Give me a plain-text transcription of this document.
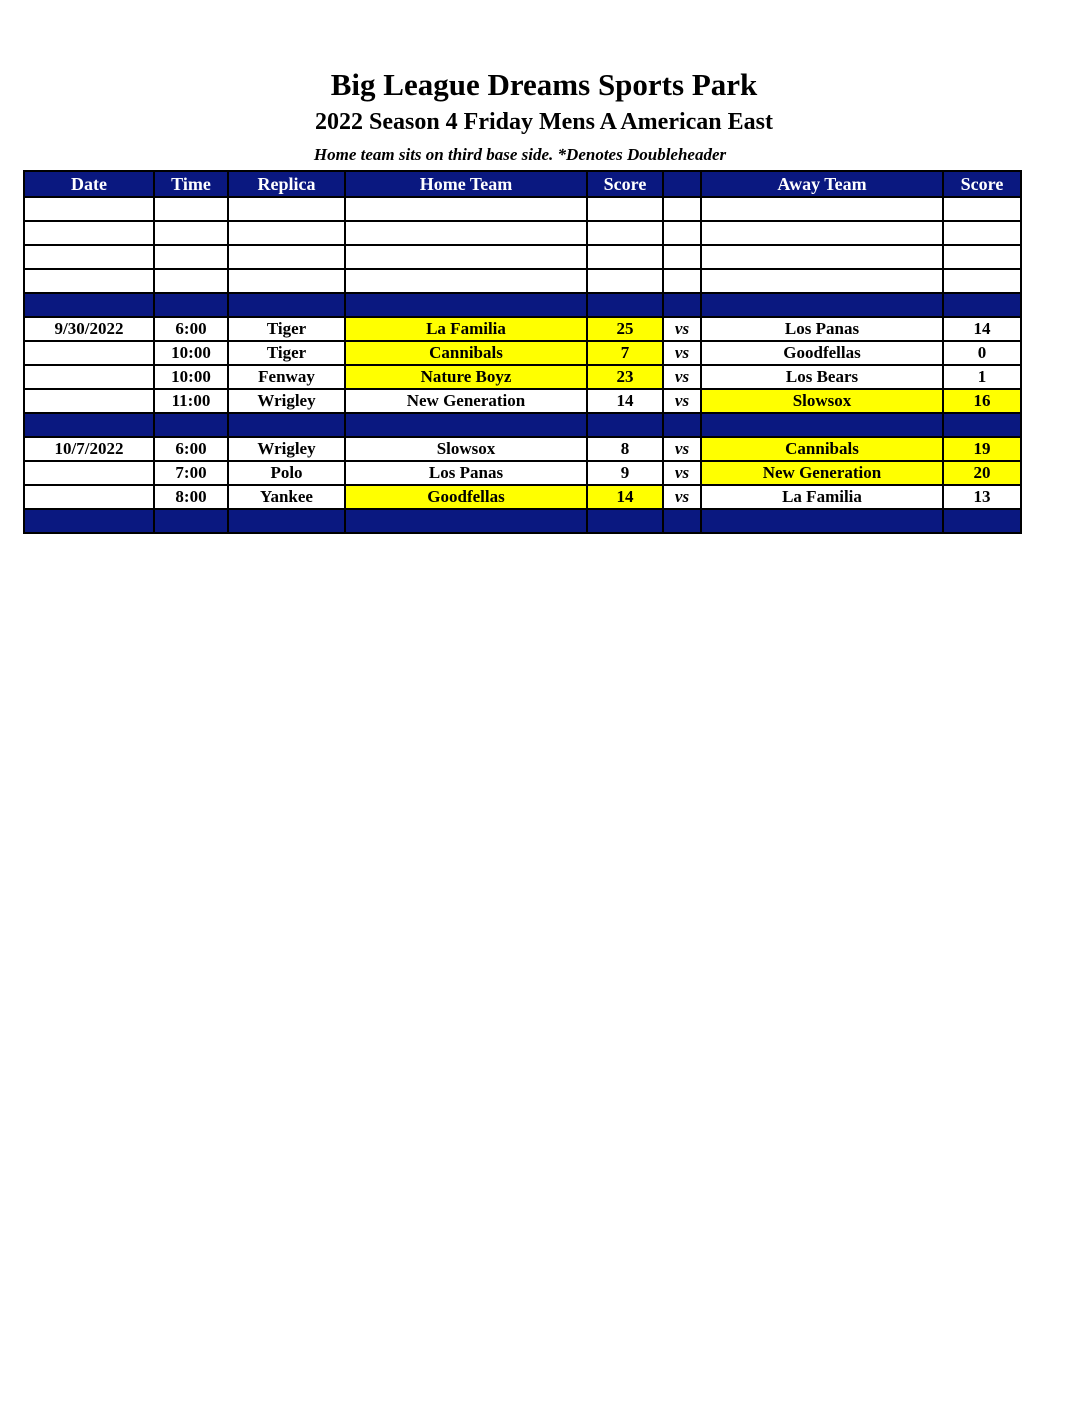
Big League Dreams Sports Park
2022 Season 4 Friday Mens A American East
Home team sits on third base side. *Denotes Doubleheader
Date	Time	Replica	Home Team	Score		Away Team	Score

9/30/2022	6:00	Tiger	La Familia	25	vs	Los Panas	14
	10:00	Tiger	Cannibals	7	vs	Goodfellas	0
	10:00	Fenway	Nature Boyz	23	vs	Los Bears	1
	11:00	Wrigley	New Generation	14	vs	Slowsox	16

10/7/2022	6:00	Wrigley	Slowsox	8	vs	Cannibals	19
	7:00	Polo	Los Panas	9	vs	New Generation	20
	8:00	Yankee	Goodfellas	14	vs	La Familia	13
